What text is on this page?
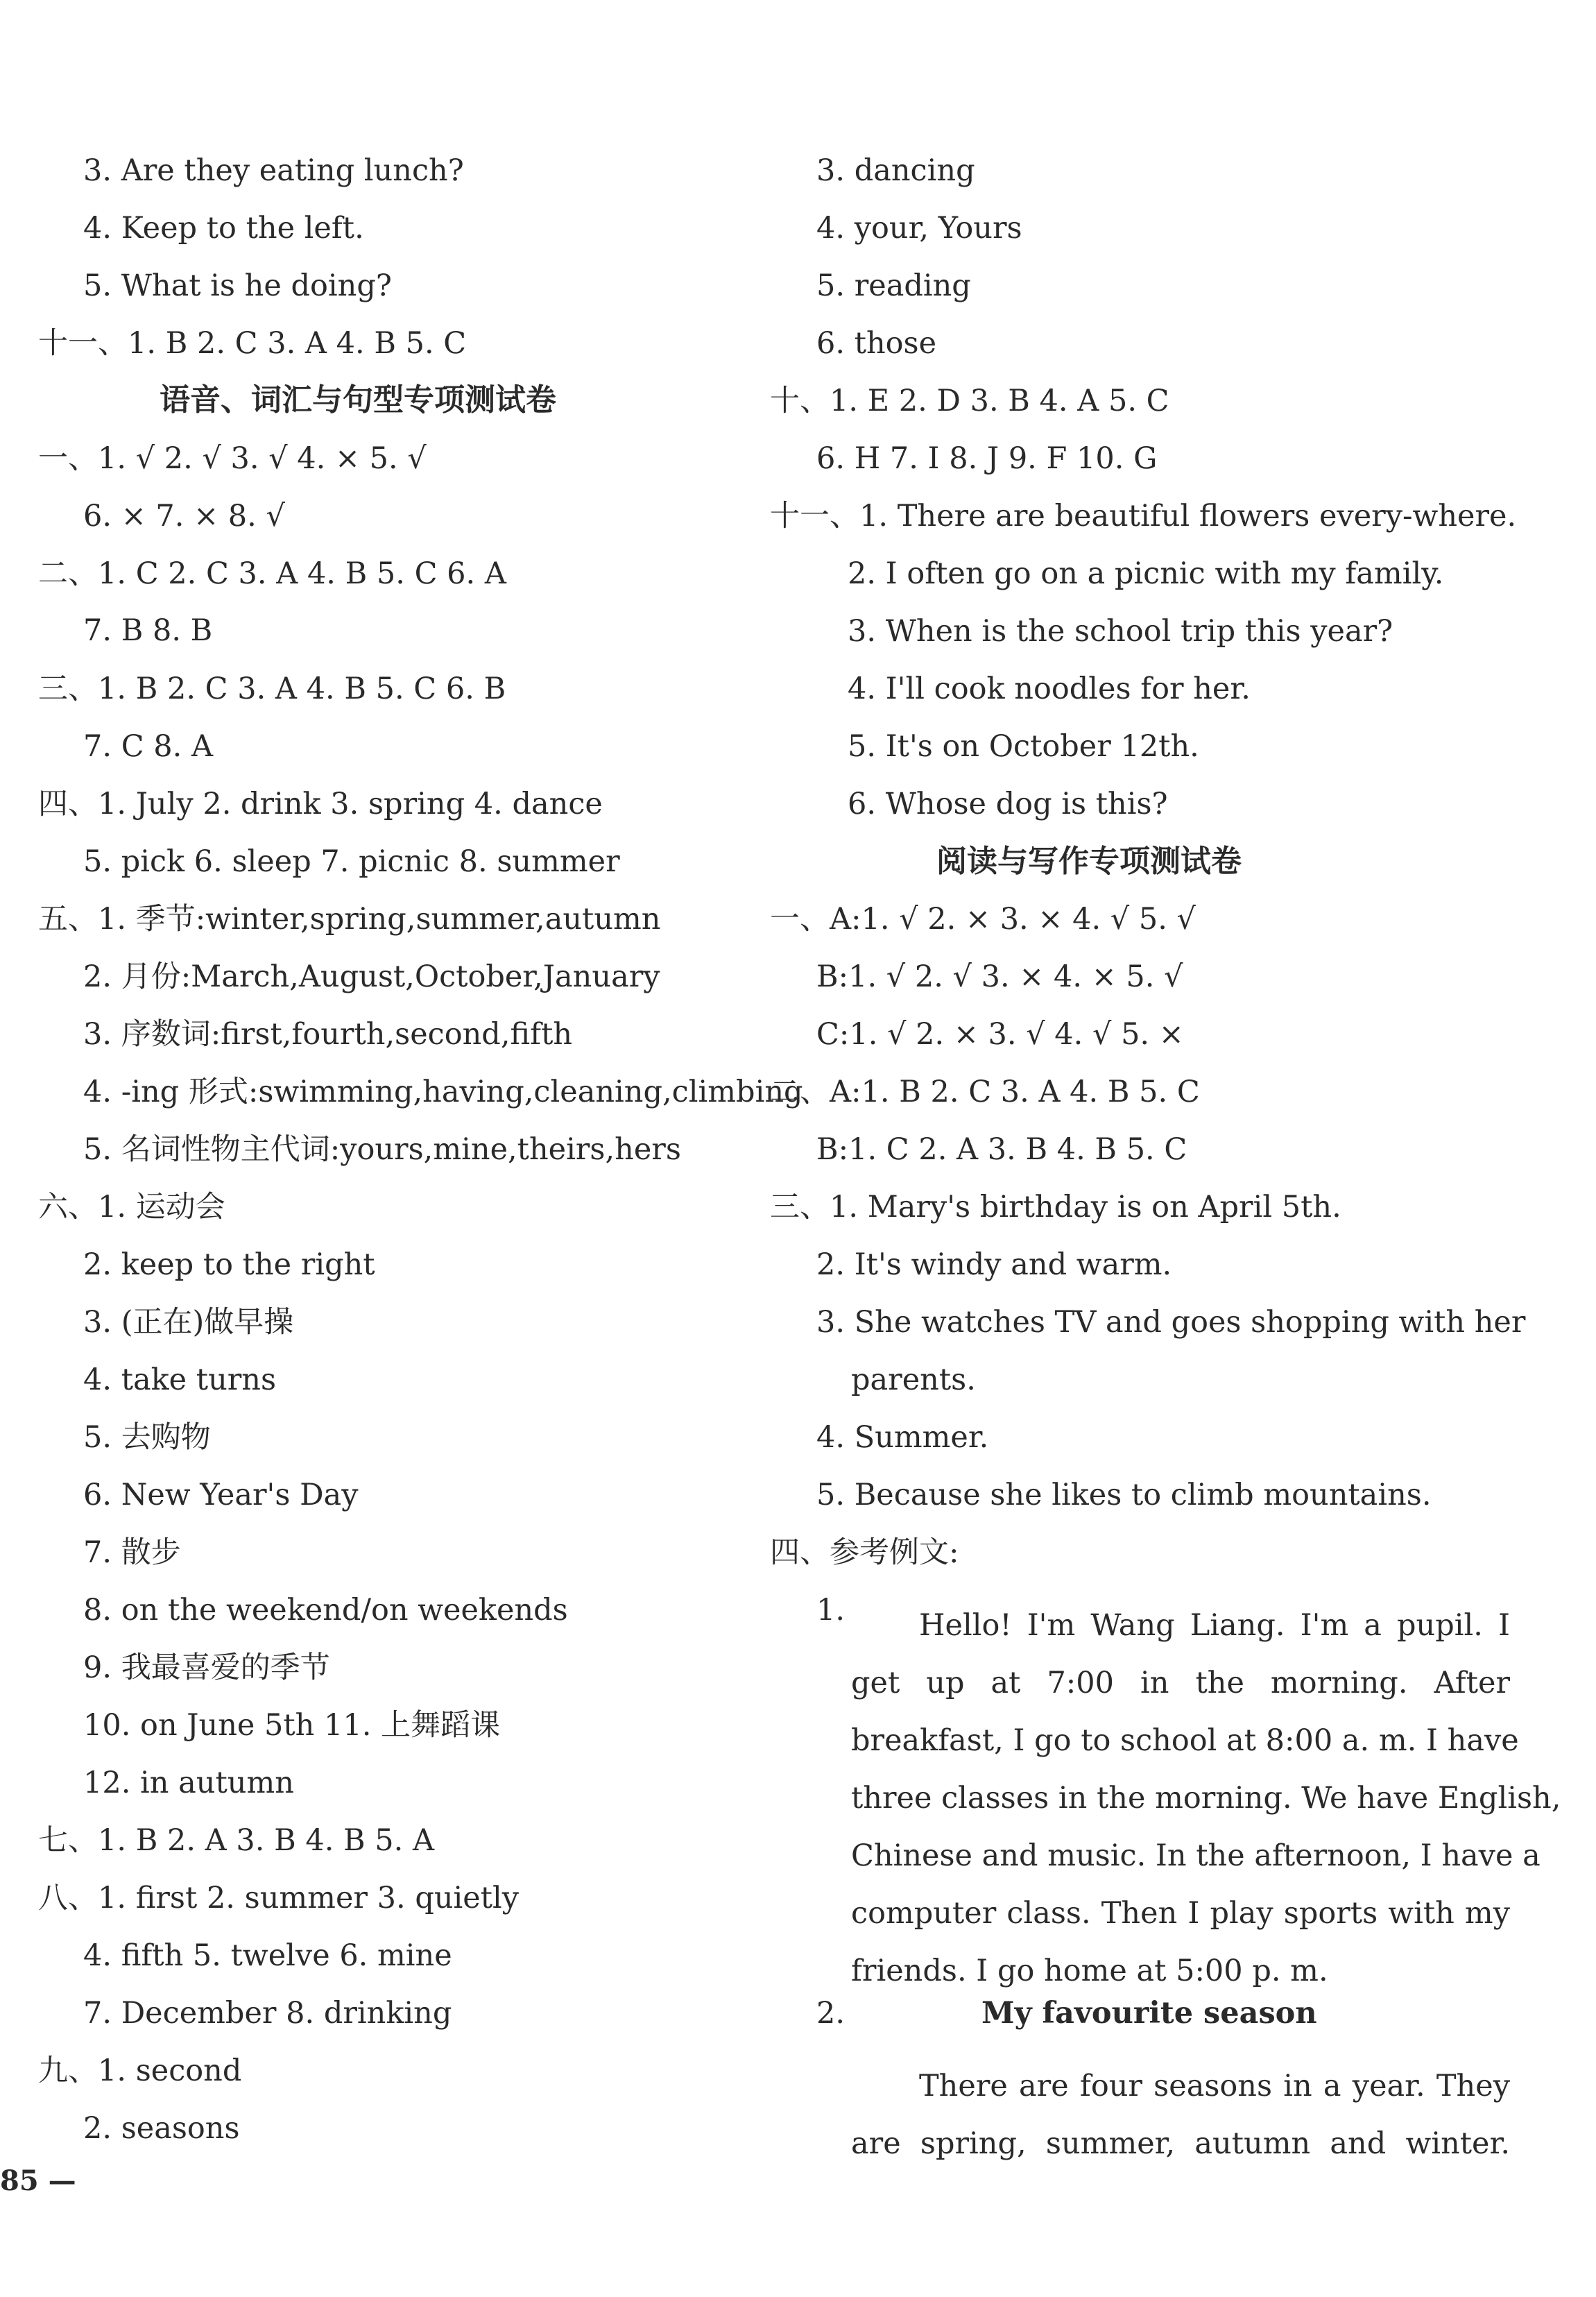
3. Are they eating lunch?
4. Keep to the left.
5. What is he doing?
十一、1. B 2. C 3. A 4. B 5. C
语音、词汇与句型专项测试卷
一、1. √ 2. √ 3. √ 4. × 5. √
6. × 7. × 8. √
二、1. C 2. C 3. A 4. B 5. C 6. A
7. B 8. B
三、1. B 2. C 3. A 4. B 5. C 6. B
7. C 8. A
四、1. July 2. drink 3. spring 4. dance
5. pick 6. sleep 7. picnic 8. summer
五、1. 季节:winter,spring,summer,autumn
2. 月份:March,August,October,January
3. 序数词:first,fourth,second,fifth
4. -ing 形式:swimming,having,cleaning,climbing
5. 名词性物主代词:yours,mine,theirs,hers
六、1. 运动会
2. keep to the right
3. (正在)做早操
4. take turns
5. 去购物
6. New Year's Day
7. 散步
8. on the weekend/on weekends
9. 我最喜爱的季节
10. on June 5th 11. 上舞蹈课
12. in autumn
七、1. B 2. A 3. B 4. B 5. A
八、1. first 2. summer 3. quietly
4. fifth 5. twelve 6. mine
7. December 8. drinking
九、1. second
2. seasons
3. dancing
4. your, Yours
5. reading
6. those
十、1. E 2. D 3. B 4. A 5. C
6. H 7. I 8. J 9. F 10. G
十一、1. There are beautiful flowers every-where.
2. I often go on a picnic with my family.
3. When is the school trip this year?
4. I'll cook noodles for her.
5. It's on October 12th.
6. Whose dog is this?
阅读与写作专项测试卷
一、A:1. √ 2. × 3. × 4. √ 5. √
B:1. √ 2. √ 3. × 4. × 5. √
C:1. √ 2. × 3. √ 4. √ 5. ×
二、A:1. B 2. C 3. A 4. B 5. C
B:1. C 2. A 3. B 4. B 5. C
三、1. Mary's birthday is on April 5th.
2. It's windy and warm.
3. She watches TV and goes shopping with her
parents.
4. Summer.
5. Because she likes to climb mountains.
四、参考例文:
1.	Hello! I'm Wang Liang. I'm a pupil. I
get up at 7:00 in the morning. After
breakfast, I go to school at 8:00 a. m. I have
three classes in the morning. We have English,
Chinese and music. In the afternoon, I have a
computer class. Then I play sports with my
friends. I go home at 5:00 p. m.
2.	My favourite season
There are four seasons in a year. They
are spring, summer, autumn and winter.
85 —
